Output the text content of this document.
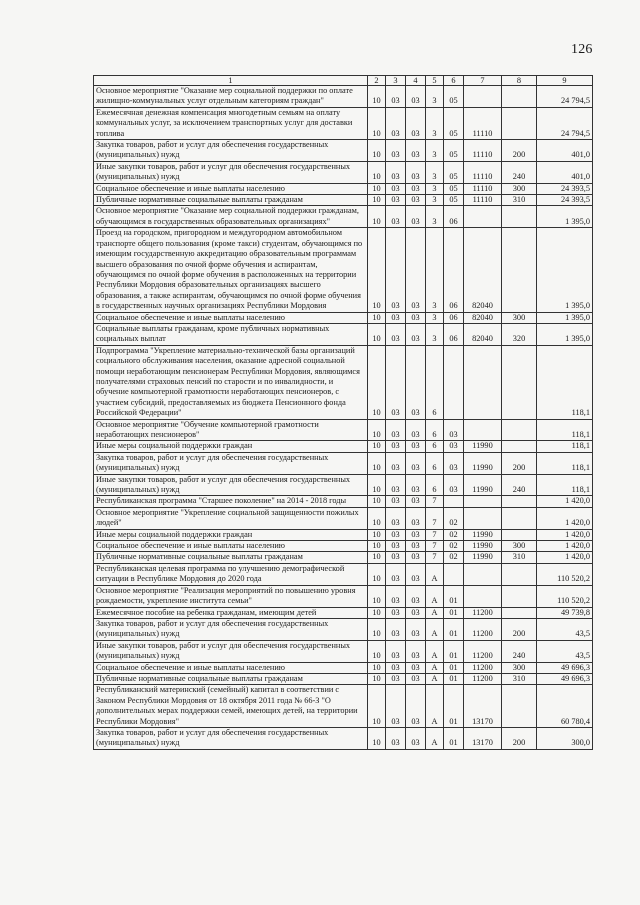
126
1	2	3	4	5	6	7	8	9
Основное мероприятие "Оказание мер социальной поддержки по оплате жилищно-коммунальных услуг отдельным категориям граждан"	10	03	03	3	05			24 794,5
Ежемесячная денежная компенсация многодетным семьям на оплату коммунальных услуг, за исключением транспортных услуг для доставки топлива	10	03	03	3	05	11110		24 794,5
Закупка товаров, работ и услуг для обеспечения государственных (муниципальных) нужд	10	03	03	3	05	11110	200	401,0
Иные закупки товаров, работ и услуг для обеспечения государственных (муниципальных) нужд	10	03	03	3	05	11110	240	401,0
Социальное обеспечение и иные выплаты населению	10	03	03	3	05	11110	300	24 393,5
Публичные нормативные социальные выплаты гражданам	10	03	03	3	05	11110	310	24 393,5
Основное мероприятие "Оказание мер социальной поддержки гражданам, обучающимся в государственных образовательных организациях"	10	03	03	3	06			1 395,0
Проезд на городском, пригородном и междугородном автомобильном транспорте общего пользования (кроме такси) студентам, обучающимся по имеющим государственную аккредитацию образовательным программам высшего образования по очной форме обучения и аспирантам, обучающимся по очной форме обучения в расположенных на территории Республики Мордовия образовательных организациях высшего образования, а также аспирантам, обучающимся по очной форме обучения в государственных научных организациях Республики Мордовия	10	03	03	3	06	82040		1 395,0
Социальное обеспечение и иные выплаты населению	10	03	03	3	06	82040	300	1 395,0
Социальные выплаты гражданам, кроме публичных нормативных социальных выплат	10	03	03	3	06	82040	320	1 395,0
Подпрограмма "Укрепление материально-технической базы организаций социального обслуживания населения, оказание адресной социальной помощи неработающим пенсионерам Республики Мордовия, являющимся получателями страховых пенсий по старости и по инвалидности, и обучение компьютерной грамотности неработающих пенсионеров, с участием субсидий, предоставляемых из бюджета Пенсионного фонда Российской Федерации"	10	03	03	6				118,1
Основное мероприятие "Обучение компьютерной грамотности неработающих пенсионеров"	10	03	03	6	03			118,1
Иные меры социальной поддержки граждан	10	03	03	6	03	11990		118,1
Закупка товаров, работ и услуг для обеспечения государственных (муниципальных) нужд	10	03	03	6	03	11990	200	118,1
Иные закупки товаров, работ и услуг для обеспечения государственных (муниципальных) нужд	10	03	03	6	03	11990	240	118,1
Республиканская программа "Старшее поколение" на 2014 - 2018 годы	10	03	03	7				1 420,0
Основное мероприятие "Укрепление социальной защищенности пожилых людей"	10	03	03	7	02			1 420,0
Иные меры социальной поддержки граждан	10	03	03	7	02	11990		1 420,0
Социальное обеспечение и иные выплаты населению	10	03	03	7	02	11990	300	1 420,0
Публичные нормативные социальные выплаты гражданам	10	03	03	7	02	11990	310	1 420,0
Республиканская целевая программа по улучшению демографической ситуации в Республике Мордовия до 2020 года	10	03	03	А				110 520,2
Основное мероприятие "Реализация мероприятий по повышению уровня рождаемости, укрепление института семьи"	10	03	03	А	01			110 520,2
Ежемесячное пособие на ребенка гражданам, имеющим детей	10	03	03	А	01	11200		49 739,8
Закупка товаров, работ и услуг для обеспечения государственных (муниципальных) нужд	10	03	03	А	01	11200	200	43,5
Иные закупки товаров, работ и услуг для обеспечения государственных (муниципальных) нужд	10	03	03	А	01	11200	240	43,5
Социальное обеспечение и иные выплаты населению	10	03	03	А	01	11200	300	49 696,3
Публичные нормативные социальные выплаты гражданам	10	03	03	А	01	11200	310	49 696,3
Республиканский материнский (семейный) капитал в соответствии с Законом Республики Мордовия от 18 октября 2011 года № 66-З "О дополнительных мерах поддержки семей, имеющих детей, на территории Республики Мордовия"	10	03	03	А	01	13170		60 780,4
Закупка товаров, работ и услуг для обеспечения государственных (муниципальных) нужд	10	03	03	А	01	13170	200	300,0
